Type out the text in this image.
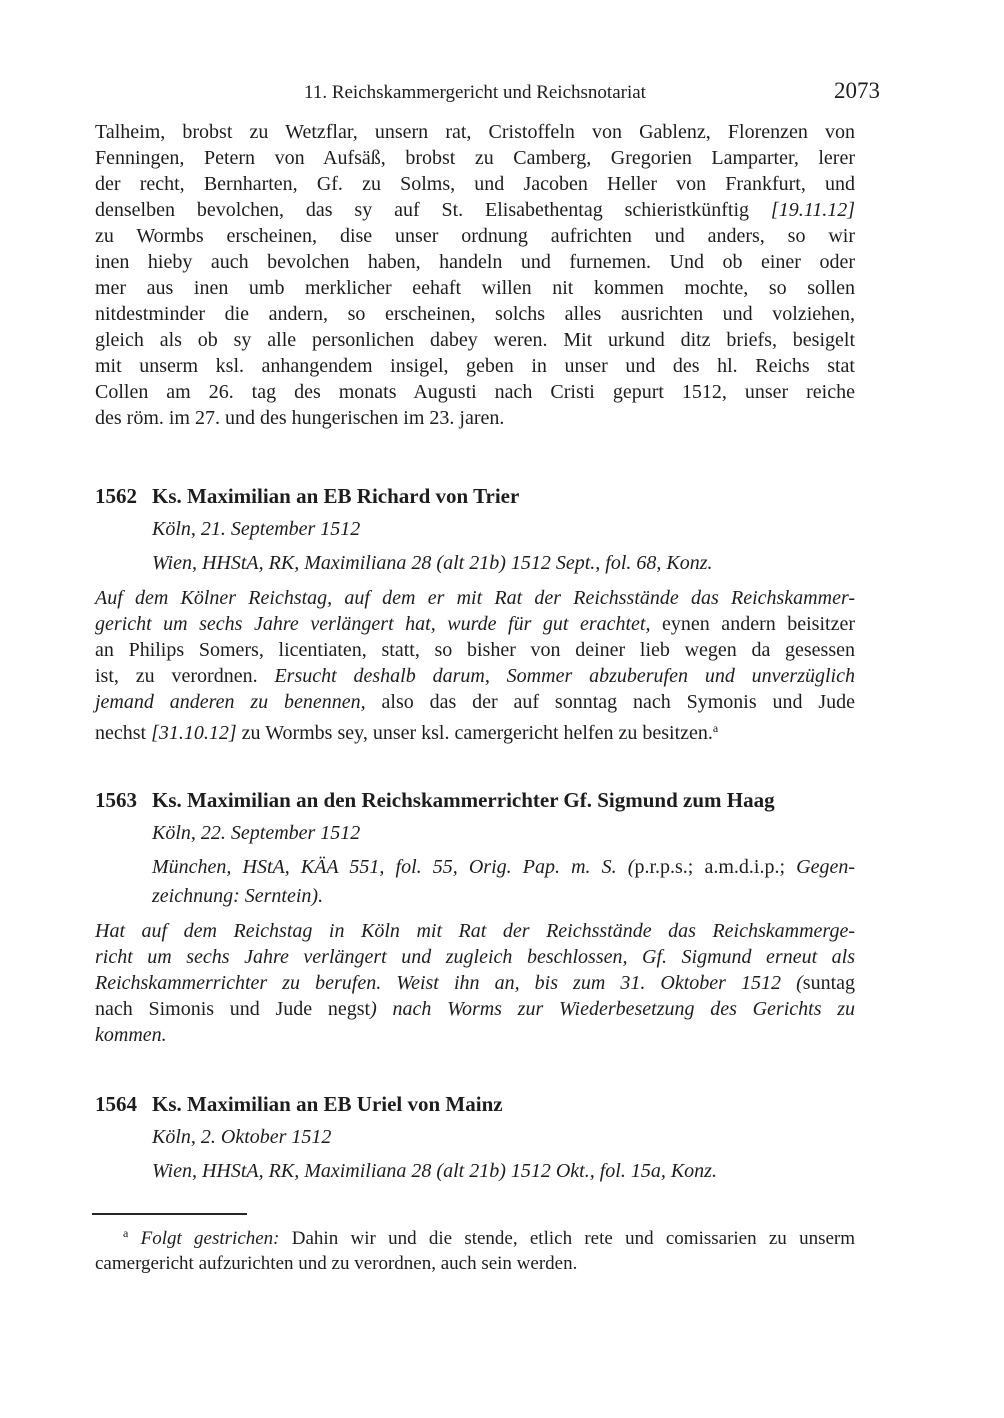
11. Reichskammergericht und Reichsnotariat	2073
Talheim, brobst zu Wetzflar, unsern rat, Cristoffeln von Gablenz, Florenzen von
Fenningen, Petern von Aufsäß, brobst zu Camberg, Gregorien Lamparter, lerer
der recht, Bernharten, Gf. zu Solms, und Jacoben Heller von Frankfurt, und
denselben bevolchen, das sy auf St. Elisabethentag schieristkünftig [19.11.12]
zu Wormbs erscheinen, dise unser ordnung aufrichten und anders, so wir
inen hieby auch bevolchen haben, handeln und furnemen. Und ob einer oder
mer aus inen umb merklicher eehaft willen nit kommen mochte, so sollen
nitdestminder die andern, so erscheinen, solchs alles ausrichten und volziehen,
gleich als ob sy alle personlichen dabey weren. Mit urkund ditz briefs, besigelt
mit unserm ksl. anhangendem insigel, geben in unser und des hl. Reichs stat
Collen am 26. tag des monats Augusti nach Cristi gepurt 1512, unser reiche
des röm. im 27. und des hungerischen im 23. jaren.
1562 Ks. Maximilian an EB Richard von Trier
Köln, 21. September 1512
Wien, HHStA, RK, Maximiliana 28 (alt 21b) 1512 Sept., fol. 68, Konz.
Auf dem Kölner Reichstag, auf dem er mit Rat der Reichsstände das Reichskammer-
gericht um sechs Jahre verlängert hat, wurde für gut erachtet, eynen andern beisitzer
an Philips Somers, licentiaten, statt, so bisher von deiner lieb wegen da gesessen
ist, zu verordnen. Ersucht deshalb darum, Sommer abzuberufen und unverzüglich
jemand anderen zu benennen, also das der auf sonntag nach Symonis und Jude
nechst [31.10.12] zu Wormbs sey, unser ksl. camergericht helfen zu besitzen.$^a$
1563 Ks. Maximilian an den Reichskammerrichter Gf. Sigmund zum Haag
Köln, 22. September 1512
München, HStA, KÄA 551, fol. 55, Orig. Pap. m. S. (p.r.p.s.; a.m.d.i.p.; Gegen-
zeichnung: Serntein).
Hat auf dem Reichstag in Köln mit Rat der Reichsstände das Reichskammerge-
richt um sechs Jahre verlängert und zugleich beschlossen, Gf. Sigmund erneut als
Reichskammerrichter zu berufen. Weist ihn an, bis zum 31. Oktober 1512 (suntag
nach Simonis und Jude negst) nach Worms zur Wiederbesetzung des Gerichts zu
kommen.
1564 Ks. Maximilian an EB Uriel von Mainz
Köln, 2. Oktober 1512
Wien, HHStA, RK, Maximiliana 28 (alt 21b) 1512 Okt., fol. 15a, Konz.
$^a$ Folgt gestrichen: Dahin wir und die stende, etlich rete und comissarien zu unserm
camergericht aufzurichten und zu verordnen, auch sein werden.
